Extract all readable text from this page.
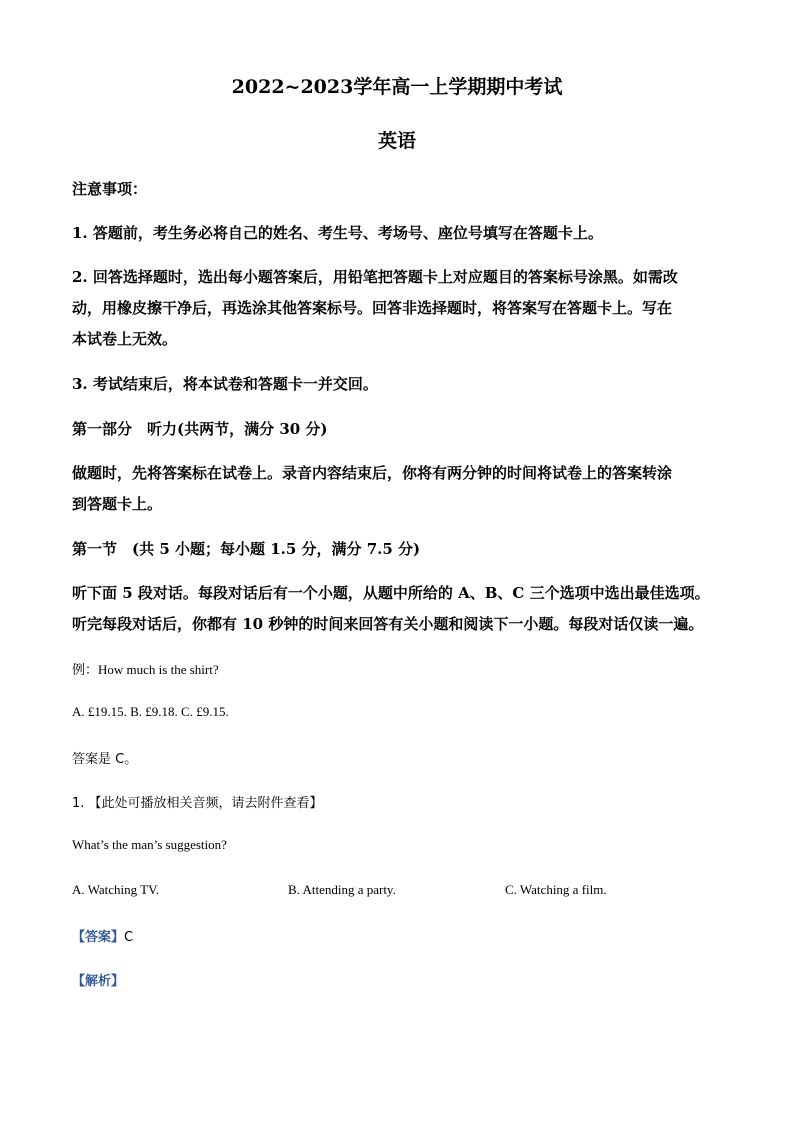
2022~2023学年高一上学期期中考试
英语
注意事项：
1. 答题前，考生务必将自己的姓名、考生号、考场号、座位号填写在答题卡上。
2. 回答选择题时，选出每小题答案后，用铅笔把答题卡上对应题目的答案标号涂黑。如需改
动，用橡皮擦干净后，再选涂其他答案标号。回答非选择题时，将答案写在答题卡上。写在
本试卷上无效。
3. 考试结束后，将本试卷和答题卡一并交回。
第一部分　听力(共两节，满分 30 分)
做题时，先将答案标在试卷上。录音内容结束后，你将有两分钟的时间将试卷上的答案转涂
到答题卡上。
第一节　(共 5 小题；每小题 1.5 分，满分 7.5 分)
听下面 5 段对话。每段对话后有一个小题，从题中所给的 A、B、C 三个选项中选出最佳选项。
听完每段对话后，你都有 10 秒钟的时间来回答有关小题和阅读下一小题。每段对话仅读一遍。
例：How much is the shirt?
A. £19.15. B. £9.18. C. £9.15.
答案是 C。
1. 【此处可播放相关音频，请去附件查看】
What’s the man’s suggestion?
A. Watching TV.	B. Attending a party.	C. Watching a film.
【答案】C
【解析】
